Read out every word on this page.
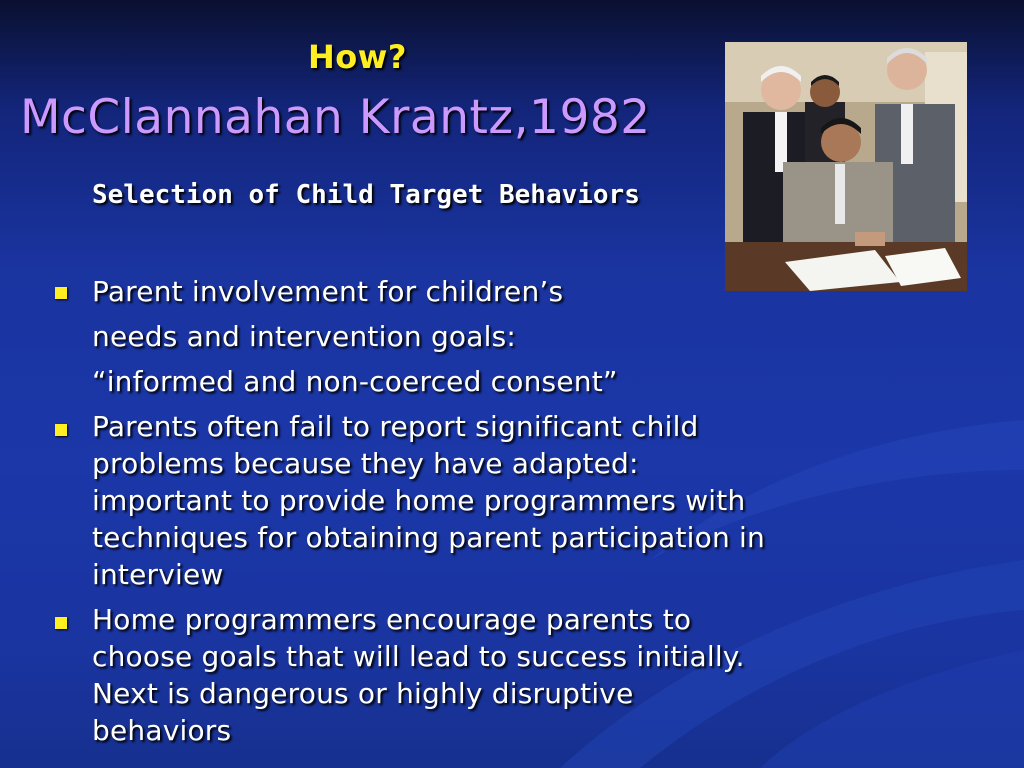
How?
McClannahan Krantz,1982
Selection of Child Target Behaviors
Parent involvement for children’s
needs and intervention goals:
“informed and non-coerced consent”
Parents often fail to report significant child
problems because they have adapted:
important to provide home programmers with
techniques for obtaining parent participation in
interview
Home programmers encourage parents to
choose goals that will lead to success initially.
Next is dangerous or highly disruptive
behaviors
